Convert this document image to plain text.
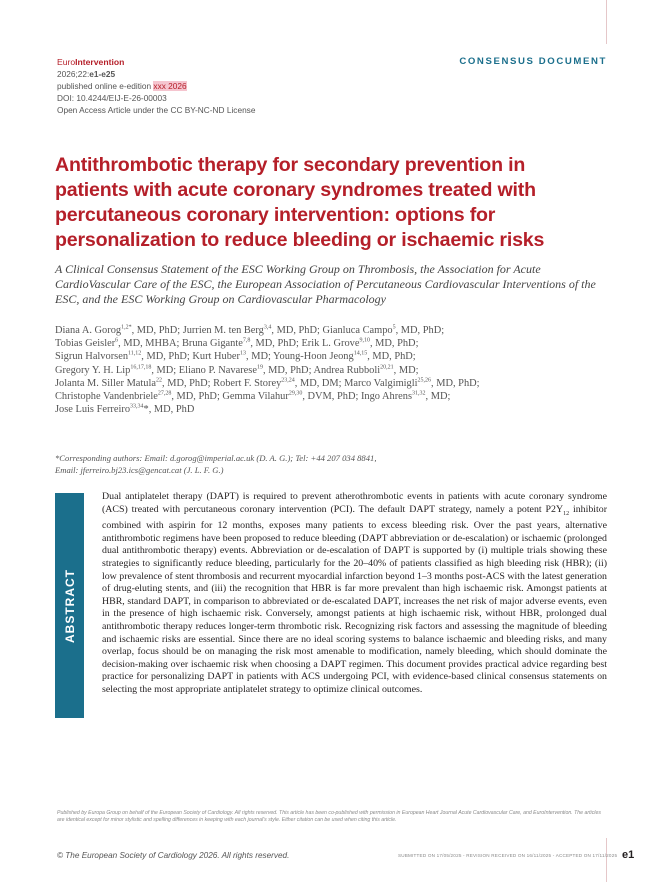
EuroIntervention
2026;22:e1-e25
published online e-edition xxx 2026
DOI: 10.4244/EIJ-E-26-00003
Open Access Article under the CC BY-NC-ND License
CONSENSUS DOCUMENT
Antithrombotic therapy for secondary prevention in patients with acute coronary syndromes treated with percutaneous coronary intervention: options for personalization to reduce bleeding or ischaemic risks

A Clinical Consensus Statement of the ESC Working Group on Thrombosis, the Association for Acute CardioVascular Care of the ESC, the European Association of Percutaneous Cardiovascular Interventions of the ESC, and the ESC Working Group on Cardiovascular Pharmacology

Diana A. Gorog$^{1,2*}$, MD, PhD; Jurrien M. ten Berg$^{3,4}$, MD, PhD; Gianluca Campo$^5$, MD, PhD;
Tobias Geisler$^6$, MD, MHBA; Bruna Gigante$^{7,8}$, MD, PhD; Erik L. Grove$^{9,10}$, MD, PhD;
Sigrun Halvorsen$^{11,12}$, MD, PhD; Kurt Huber$^{13}$, MD; Young-Hoon Jeong$^{14,15}$, MD, PhD;
Gregory Y. H. Lip$^{16,17,18}$, MD; Eliano P. Navarese$^{19}$, MD, PhD; Andrea Rubboli$^{20,21}$, MD;
Jolanta M. Siller Matula$^{22}$, MD, PhD; Robert F. Storey$^{23,24}$, MD, DM; Marco Valgimigli$^{25,26}$, MD, PhD;
Christophe Vandenbriele$^{27,28}$, MD, PhD; Gemma Vilahur$^{29,30}$, DVM, PhD; Ingo Ahrens$^{31,32}$, MD;
Jose Luis Ferreiro$^{33,34}$*, MD, PhD
*Corresponding authors: Email: d.gorog@imperial.ac.uk (D. A. G.); Tel: +44 207 034 8841,
Email: jferreiro.bj23.ics@gencat.cat (J. L. F. G.)
ABSTRACT

Dual antiplatelet therapy (DAPT) is required to prevent atherothrombotic events in patients with acute coronary syndrome (ACS) treated with percutaneous coronary intervention (PCI). The default DAPT strategy, namely a potent $P2Y_{12}$ inhibitor combined with aspirin for 12 months, exposes many patients to excess bleeding risk. Over the past years, alternative antithrombotic regimens have been proposed to reduce bleeding (DAPT abbreviation or de-escalation) or ischaemic (prolonged dual antithrombotic therapy) events. Abbreviation or de-escalation of DAPT is supported by (i) multiple trials showing these strategies to significantly reduce bleeding, particularly for the 20–40% of patients classified as high bleeding risk (HBR); (ii) low prevalence of stent thrombosis and recurrent myocardial infarction beyond 1–3 months post-ACS with the latest generation of drug-eluting stents, and (iii) the recognition that HBR is far more prevalent than high ischaemic risk. Amongst patients at HBR, standard DAPT, in comparison to abbreviated or de-escalated DAPT, increases the net risk of major adverse events, even in the presence of high ischaemic risk. Conversely, amongst patients at high ischaemic risk, without HBR, prolonged dual antithrombotic therapy reduces longer-term thrombotic risk. Recognizing risk factors and assessing the magnitude of bleeding and ischaemic risks are essential. Since there are no ideal scoring systems to balance ischaemic and bleeding risks, and many overlap, focus should be on managing the risk most amenable to modification, namely bleeding, which should dominate the decision-making over ischaemic risk when choosing a DAPT regimen. This document provides practical advice regarding best practice for personalizing DAPT in patients with ACS undergoing PCI, with evidence-based clinical consensus statements on selecting the most appropriate antiplatelet strategy to optimize clinical outcomes.

Published by Europa Group on behalf of the European Society of Cardiology. All rights reserved. This article has been co-published with permission in European Heart Journal Acute Cardiovascular Care, and EuroIntervention. The articles are identical except for minor stylistic and spelling differences in keeping with each journal's style. Either citation can be used when citing this article.
© The European Society of Cardiology 2026. All rights reserved.	SUBMITTED ON 17/05/2025 - REVISION RECEIVED ON 16/11/2025 - ACCEPTED ON 17/11/2025 e1
